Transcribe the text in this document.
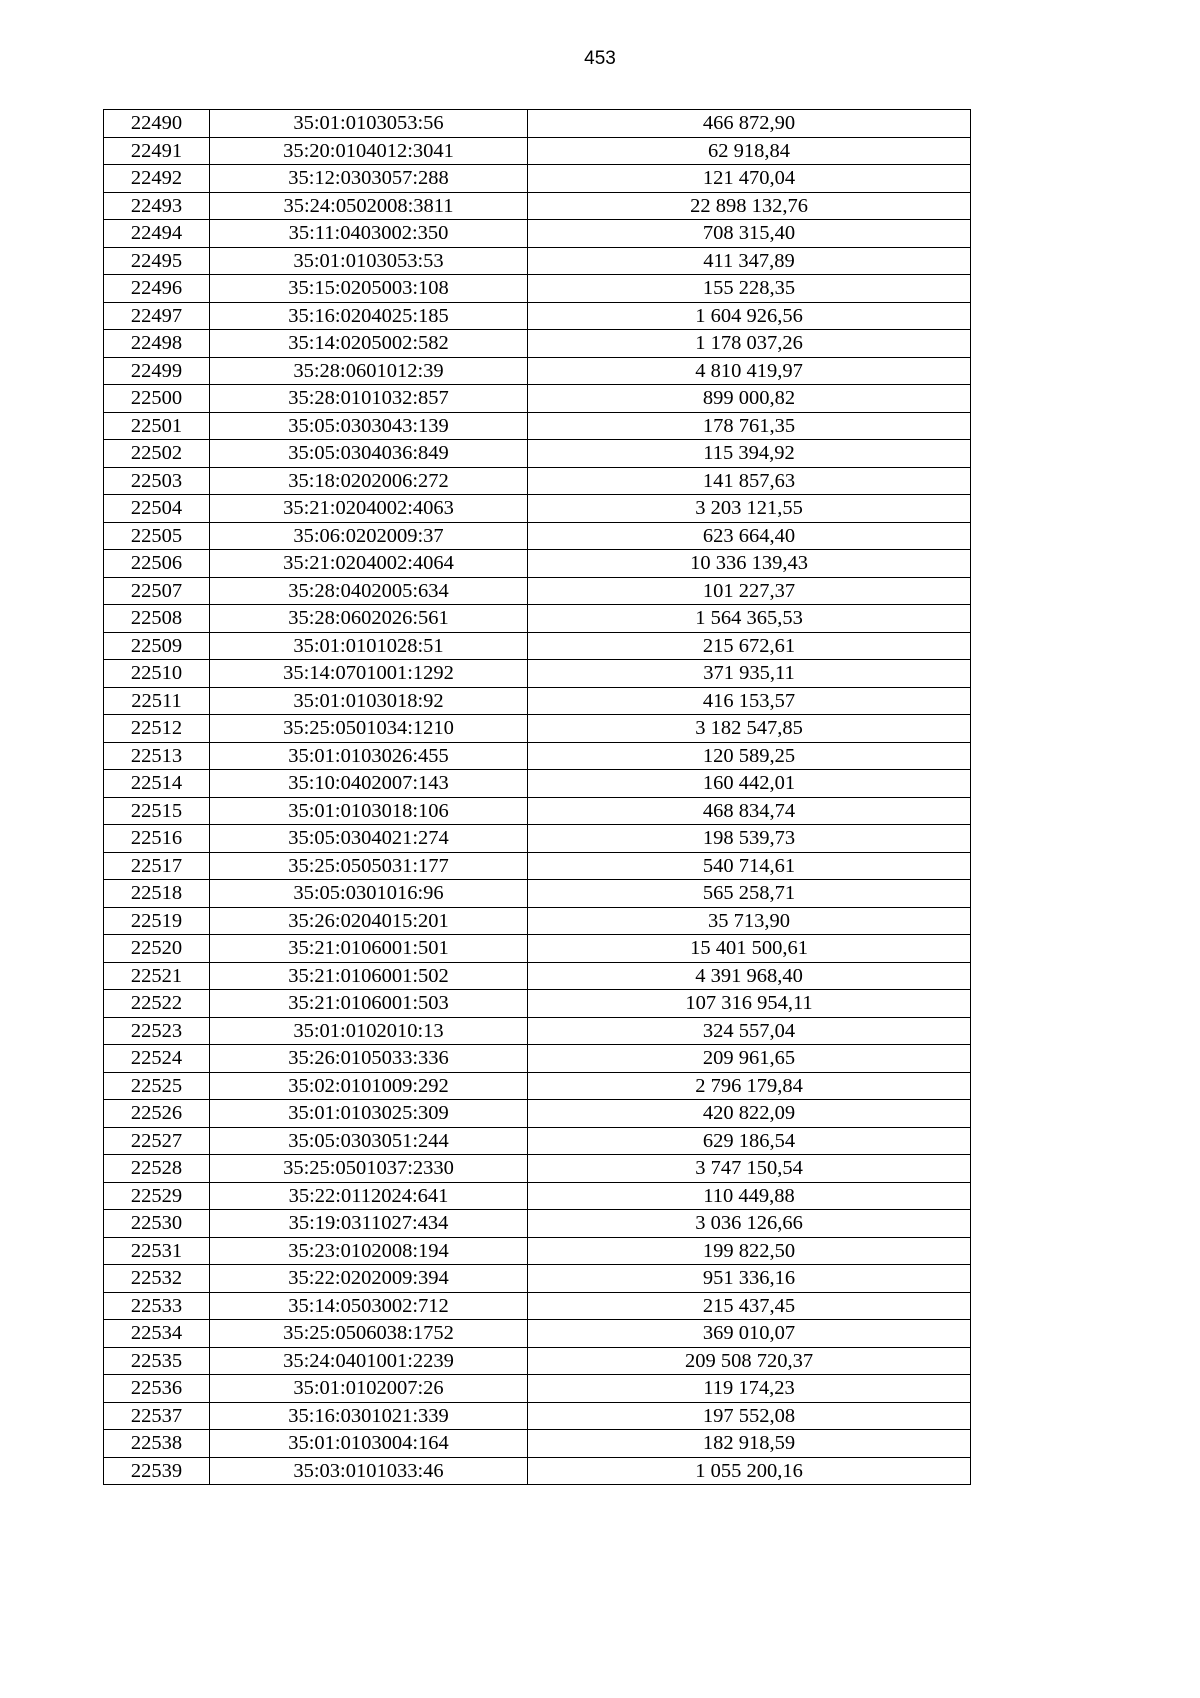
453
22490	35:01:0103053:56	466 872,90
22491	35:20:0104012:3041	62 918,84
22492	35:12:0303057:288	121 470,04
22493	35:24:0502008:3811	22 898 132,76
22494	35:11:0403002:350	708 315,40
22495	35:01:0103053:53	411 347,89
22496	35:15:0205003:108	155 228,35
22497	35:16:0204025:185	1 604 926,56
22498	35:14:0205002:582	1 178 037,26
22499	35:28:0601012:39	4 810 419,97
22500	35:28:0101032:857	899 000,82
22501	35:05:0303043:139	178 761,35
22502	35:05:0304036:849	115 394,92
22503	35:18:0202006:272	141 857,63
22504	35:21:0204002:4063	3 203 121,55
22505	35:06:0202009:37	623 664,40
22506	35:21:0204002:4064	10 336 139,43
22507	35:28:0402005:634	101 227,37
22508	35:28:0602026:561	1 564 365,53
22509	35:01:0101028:51	215 672,61
22510	35:14:0701001:1292	371 935,11
22511	35:01:0103018:92	416 153,57
22512	35:25:0501034:1210	3 182 547,85
22513	35:01:0103026:455	120 589,25
22514	35:10:0402007:143	160 442,01
22515	35:01:0103018:106	468 834,74
22516	35:05:0304021:274	198 539,73
22517	35:25:0505031:177	540 714,61
22518	35:05:0301016:96	565 258,71
22519	35:26:0204015:201	35 713,90
22520	35:21:0106001:501	15 401 500,61
22521	35:21:0106001:502	4 391 968,40
22522	35:21:0106001:503	107 316 954,11
22523	35:01:0102010:13	324 557,04
22524	35:26:0105033:336	209 961,65
22525	35:02:0101009:292	2 796 179,84
22526	35:01:0103025:309	420 822,09
22527	35:05:0303051:244	629 186,54
22528	35:25:0501037:2330	3 747 150,54
22529	35:22:0112024:641	110 449,88
22530	35:19:0311027:434	3 036 126,66
22531	35:23:0102008:194	199 822,50
22532	35:22:0202009:394	951 336,16
22533	35:14:0503002:712	215 437,45
22534	35:25:0506038:1752	369 010,07
22535	35:24:0401001:2239	209 508 720,37
22536	35:01:0102007:26	119 174,23
22537	35:16:0301021:339	197 552,08
22538	35:01:0103004:164	182 918,59
22539	35:03:0101033:46	1 055 200,16
